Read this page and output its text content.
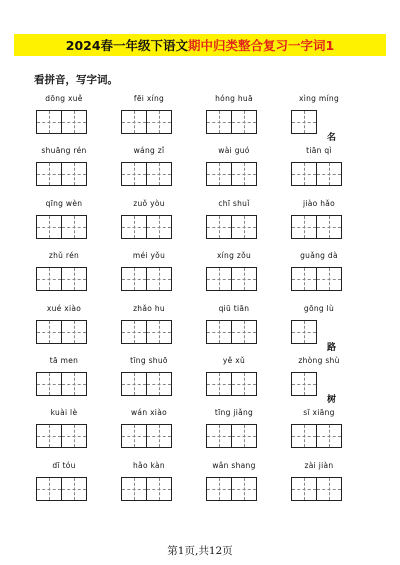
2024春一年级下语文 期中归类整合复习一字词1
看拼音，写字词。
dōng xuě	fēi xíng	hóng huā	xìng míng
名
shuāng rén	wáng zǐ	wài guó	tiān qì
qīng wèn	zuǒ yòu	chī shuǐ	jiào hǎo
zhǔ rén	méi yǒu	xíng zǒu	guǎng dà
xué xiào	zhǎo hu	qiū tiān	gōng lù
路
tā men	tīng shuō	yě xǔ	zhòng shù
树
kuài lè	wán xiào	tīng jiǎng	sī xiāng
dī tóu	hǎo kàn	wǎn shang	zài jiàn
第1页,共12页
